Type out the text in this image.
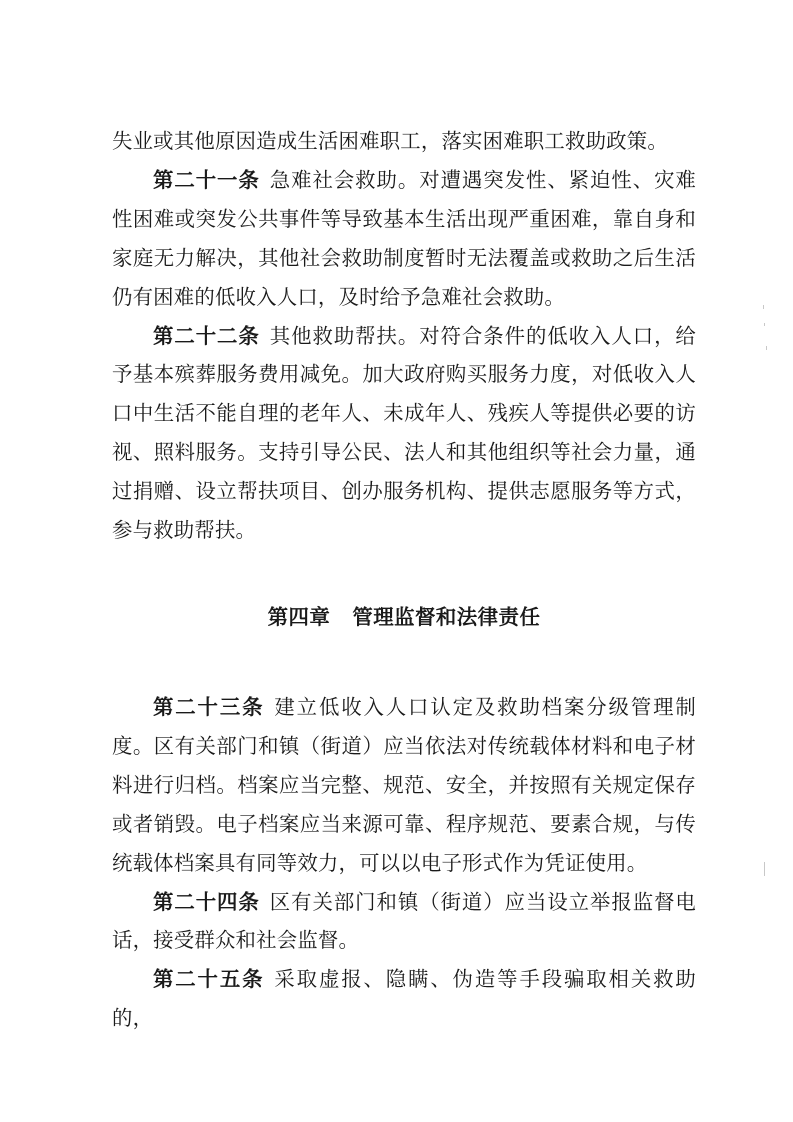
失业或其他原因造成生活困难职工，落实困难职工救助政策。

第二十一条 急难社会救助。对遭遇突发性、紧迫性、灾难性困难或突发公共事件等导致基本生活出现严重困难，靠自身和家庭无力解决，其他社会救助制度暂时无法覆盖或救助之后生活仍有困难的低收入人口，及时给予急难社会救助。

第二十二条 其他救助帮扶。对符合条件的低收入人口，给予基本殡葬服务费用减免。加大政府购买服务力度，对低收入人口中生活不能自理的老年人、未成年人、残疾人等提供必要的访视、照料服务。支持引导公民、法人和其他组织等社会力量，通过捐赠、设立帮扶项目、创办服务机构、提供志愿服务等方式，参与救助帮扶。

第四章 管理监督和法律责任

第二十三条 建立低收入人口认定及救助档案分级管理制度。区有关部门和镇（街道）应当依法对传统载体材料和电子材料进行归档。档案应当完整、规范、安全，并按照有关规定保存或者销毁。电子档案应当来源可靠、程序规范、要素合规，与传统载体档案具有同等效力，可以以电子形式作为凭证使用。

第二十四条 区有关部门和镇（街道）应当设立举报监督电话，接受群众和社会监督。

第二十五条 采取虚报、隐瞒、伪造等手段骗取相关救助的，
